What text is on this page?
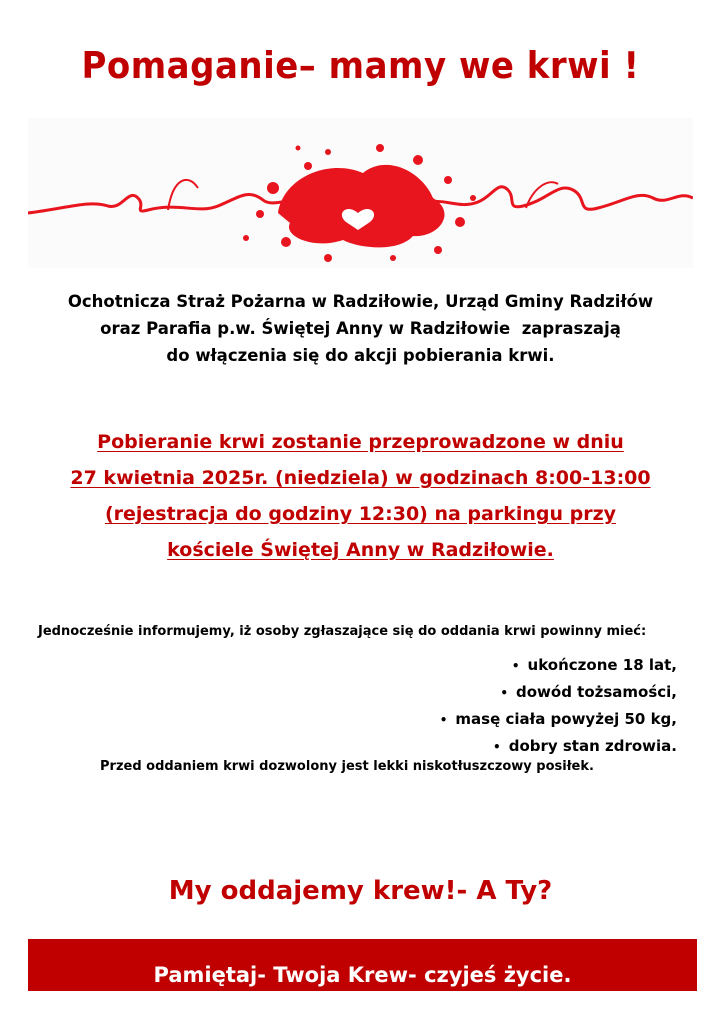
Pomaganie– mamy we krwi !
Ochotnicza Straż Pożarna w Radziłowie, Urząd Gminy Radziłów
oraz Parafia p.w. Świętej Anny w Radziłowie  zapraszają
do włączenia się do akcji pobierania krwi.
Pobieranie krwi zostanie przeprowadzone w dniu
27 kwietnia 2025r. (niedziela) w godzinach 8:00-13:00
(rejestracja do godziny 12:30) na parkingu przy
kościele Świętej Anny w Radziłowie.
Jednocześnie informujemy, iż osoby zgłaszające się do oddania krwi powinny mieć:
• ukończone 18 lat,
• dowód tożsamości,
• masę ciała powyżej 50 kg,
• dobry stan zdrowia.
Przed oddaniem krwi dozwolony jest lekki niskotłuszczowy posiłek.
My oddajemy krew!- A Ty?
Pamiętaj- Twoja Krew- czyjeś życie.
